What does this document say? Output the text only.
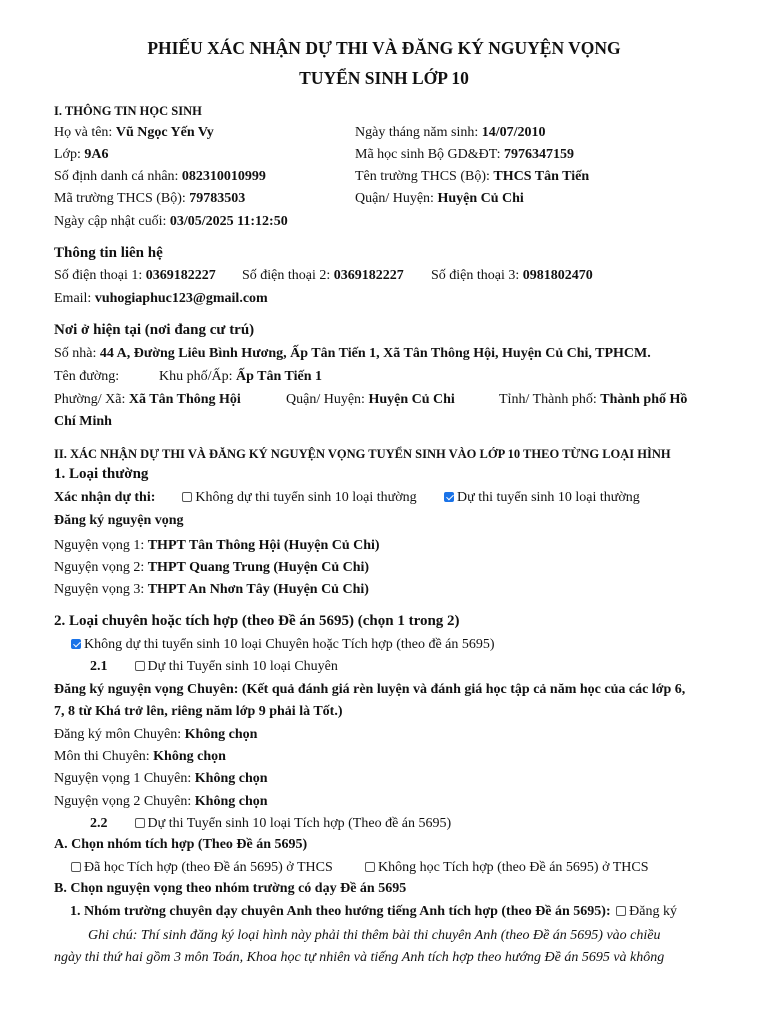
PHIẾU XÁC NHẬN DỰ THI VÀ ĐĂNG KÝ NGUYỆN VỌNG
TUYỂN SINH LỚP 10
I. THÔNG TIN HỌC SINH
Họ và tên: Vũ Ngọc Yến Vy	Ngày tháng năm sinh: 14/07/2010
Lớp: 9A6	Mã học sinh Bộ GD&ĐT: 7976347159
Số định danh cá nhân: 082310010999	Tên trường THCS (Bộ): THCS Tân Tiến
Mã trường THCS (Bộ): 79783503	Quận/ Huyện: Huyện Củ Chi
Ngày cập nhật cuối: 03/05/2025 11:12:50
Thông tin liên hệ
Số điện thoại 1: 0369182227 Số điện thoại 2: 0369182227 Số điện thoại 3: 0981802470
Email: vuhogiaphuc123@gmail.com
Nơi ở hiện tại (nơi đang cư trú)
Số nhà: 44 A, Đường Liêu Bình Hương, Ấp Tân Tiến 1, Xã Tân Thông Hội, Huyện Củ Chi, TPHCM.
Tên đường:	Khu phố/Ấp: Ấp Tân Tiến 1
Phường/ Xã: Xã Tân Thông Hội	Quận/ Huyện: Huyện Củ Chi	Tỉnh/ Thành phố: Thành phố Hồ
Chí Minh
II. XÁC NHẬN DỰ THI VÀ ĐĂNG KÝ NGUYỆN VỌNG TUYỂN SINH VÀO LỚP 10 THEO TỪNG LOẠI HÌNH
1. Loại thường
Xác nhận dự thi:	Không dự thi tuyển sinh 10 loại thường	Dự thi tuyển sinh 10 loại thường
Đăng ký nguyện vọng
Nguyện vọng 1: THPT Tân Thông Hội (Huyện Củ Chi)
Nguyện vọng 2: THPT Quang Trung (Huyện Củ Chi)
Nguyện vọng 3: THPT An Nhơn Tây (Huyện Củ Chi)
2. Loại chuyên hoặc tích hợp (theo Đề án 5695) (chọn 1 trong 2)
Không dự thi tuyển sinh 10 loại Chuyên hoặc Tích hợp (theo đề án 5695)
2.1	Dự thi Tuyển sinh 10 loại Chuyên
Đăng ký nguyện vọng Chuyên: (Kết quả đánh giá rèn luyện và đánh giá học tập cả năm học của các lớp 6,
7, 8 từ Khá trở lên, riêng năm lớp 9 phải là Tốt.)
Đăng ký môn Chuyên: Không chọn
Môn thi Chuyên: Không chọn
Nguyện vọng 1 Chuyên: Không chọn
Nguyện vọng 2 Chuyên: Không chọn
2.2	Dự thi Tuyển sinh 10 loại Tích hợp (Theo đề án 5695)
A. Chọn nhóm tích hợp (Theo Đề án 5695)
Đã học Tích hợp (theo Đề án 5695) ở THCS	Không học Tích hợp (theo Đề án 5695) ở THCS
B. Chọn nguyện vọng theo nhóm trường có dạy Đề án 5695
1. Nhóm trường chuyên dạy chuyên Anh theo hướng tiếng Anh tích hợp (theo Đề án 5695): Đăng ký
Ghi chú: Thí sinh đăng ký loại hình này phải thi thêm bài thi chuyên Anh (theo Đề án 5695) vào chiều
ngày thi thứ hai gồm 3 môn Toán, Khoa học tự nhiên và tiếng Anh tích hợp theo hướng Đề án 5695 và không
